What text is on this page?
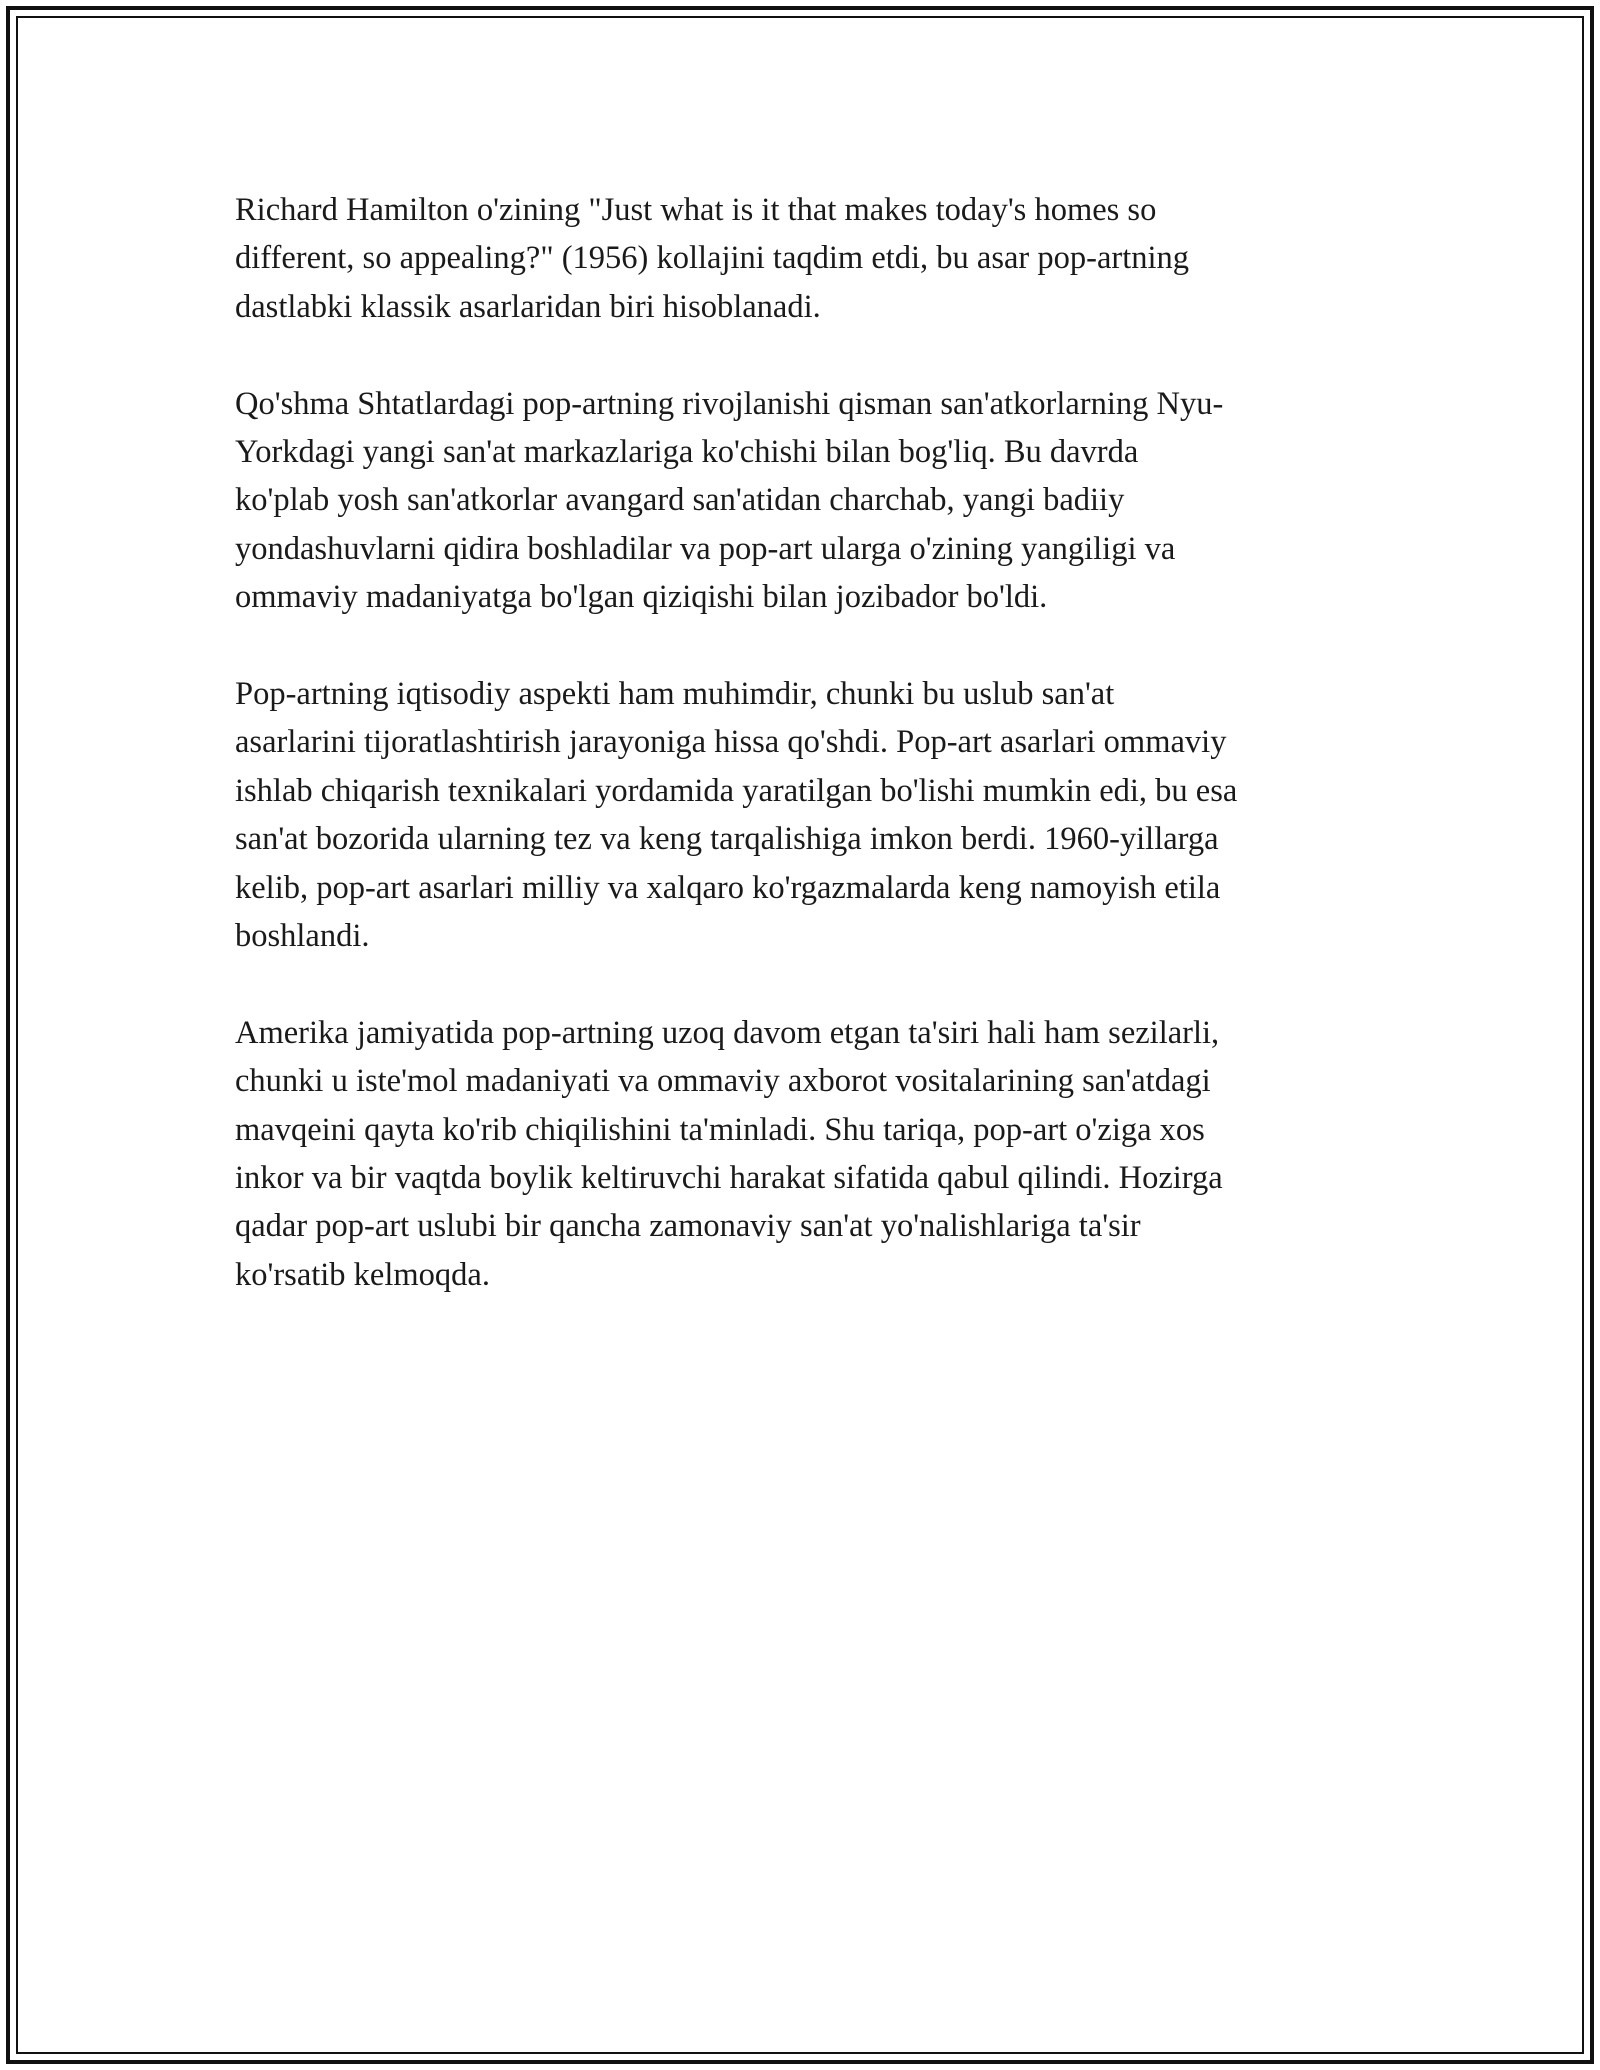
Richard Hamilton o'zining "Just what is it that makes today's homes so
different, so appealing?" (1956) kollajini taqdim etdi, bu asar pop-artning
dastlabki klassik asarlaridan biri hisoblanadi.

Qo'shma Shtatlardagi pop-artning rivojlanishi qisman san'atkorlarning Nyu-
Yorkdagi yangi san'at markazlariga ko'chishi bilan bog'liq. Bu davrda
ko'plab yosh san'atkorlar avangard san'atidan charchab, yangi badiiy
yondashuvlarni qidira boshladilar va pop-art ularga o'zining yangiligi va
ommaviy madaniyatga bo'lgan qiziqishi bilan jozibador bo'ldi.

Pop-artning iqtisodiy aspekti ham muhimdir, chunki bu uslub san'at
asarlarini tijoratlashtirish jarayoniga hissa qo'shdi. Pop-art asarlari ommaviy
ishlab chiqarish texnikalari yordamida yaratilgan bo'lishi mumkin edi, bu esa
san'at bozorida ularning tez va keng tarqalishiga imkon berdi. 1960-yillarga
kelib, pop-art asarlari milliy va xalqaro ko'rgazmalarda keng namoyish etila
boshlandi.

Amerika jamiyatida pop-artning uzoq davom etgan ta'siri hali ham sezilarli,
chunki u iste'mol madaniyati va ommaviy axborot vositalarining san'atdagi
mavqeini qayta ko'rib chiqilishini ta'minladi. Shu tariqa, pop-art o'ziga xos
inkor va bir vaqtda boylik keltiruvchi harakat sifatida qabul qilindi. Hozirga
qadar pop-art uslubi bir qancha zamonaviy san'at yo'nalishlariga ta'sir
ko'rsatib kelmoqda.
